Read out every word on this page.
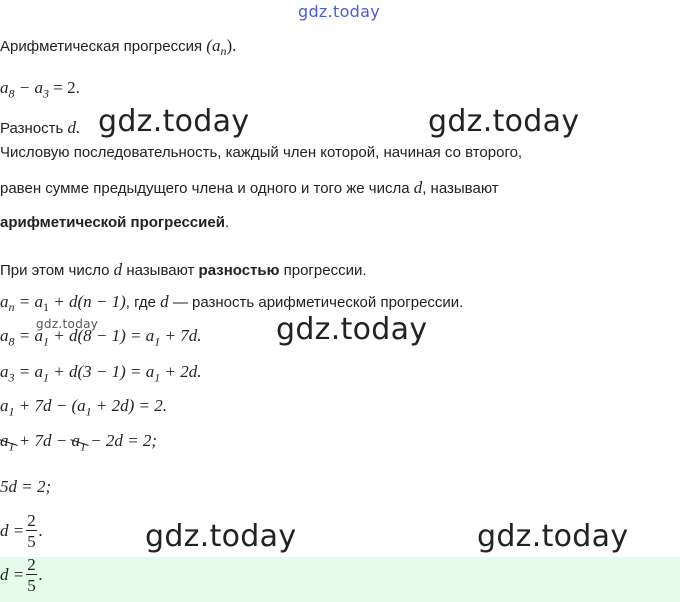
gdz.today
gdz.today	gdz.today
gdz.today	gdz.today
gdz.today	gdz.today
Арифметическая прогрессия $(a_n)$.
$a_8 - a_3 = 2$.
Разность d.
Числовую последовательность, каждый член которой, начиная со второго,
равен сумме предыдущего члена и одного и того же числа d, называют
арифметической прогрессией.
При этом число d называют разностью прогрессии.
$a_n = a_1 + d(n - 1)$, где d — разность арифметической прогрессии.
$a_8 = a_1 + d(8 - 1) = a_1 + 7d$.
$a_3 = a_1 + d(3 - 1) = a_1 + 2d$.
$a_1 + 7d - (a_1 + 2d) = 2$.
$a_1 + 7d - a_1 - 2d = 2$;
5d = 2;
$d = \frac{2}{5}$ .
$d = \frac{2}{5}$ .
